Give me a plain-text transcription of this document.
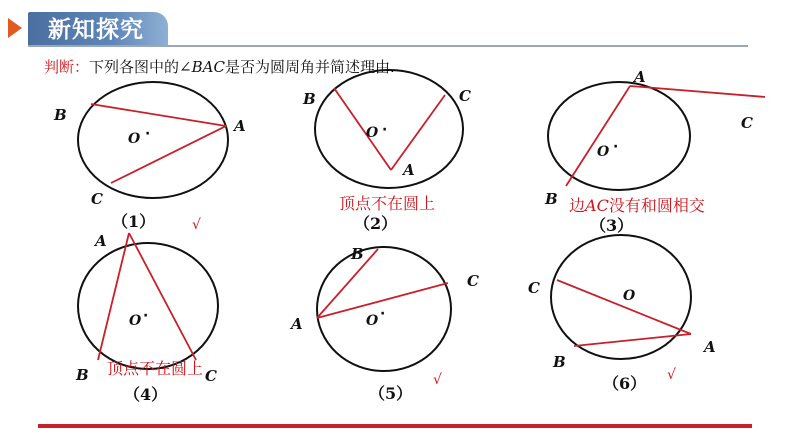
新知探究
判断：下列各图中的∠BAC是否为圆周角并简述理由.
A
B
C
O ·
（1）	√
A
B	C
O ·
顶点不在圆上
（2）
A
B
C
O ·
边AC没有和圆相交
（3）
A
B	C
O ·
顶点不在圆上
（4）
A
B
C
O ·
（5）
√
A
B
C	O
（6） √
